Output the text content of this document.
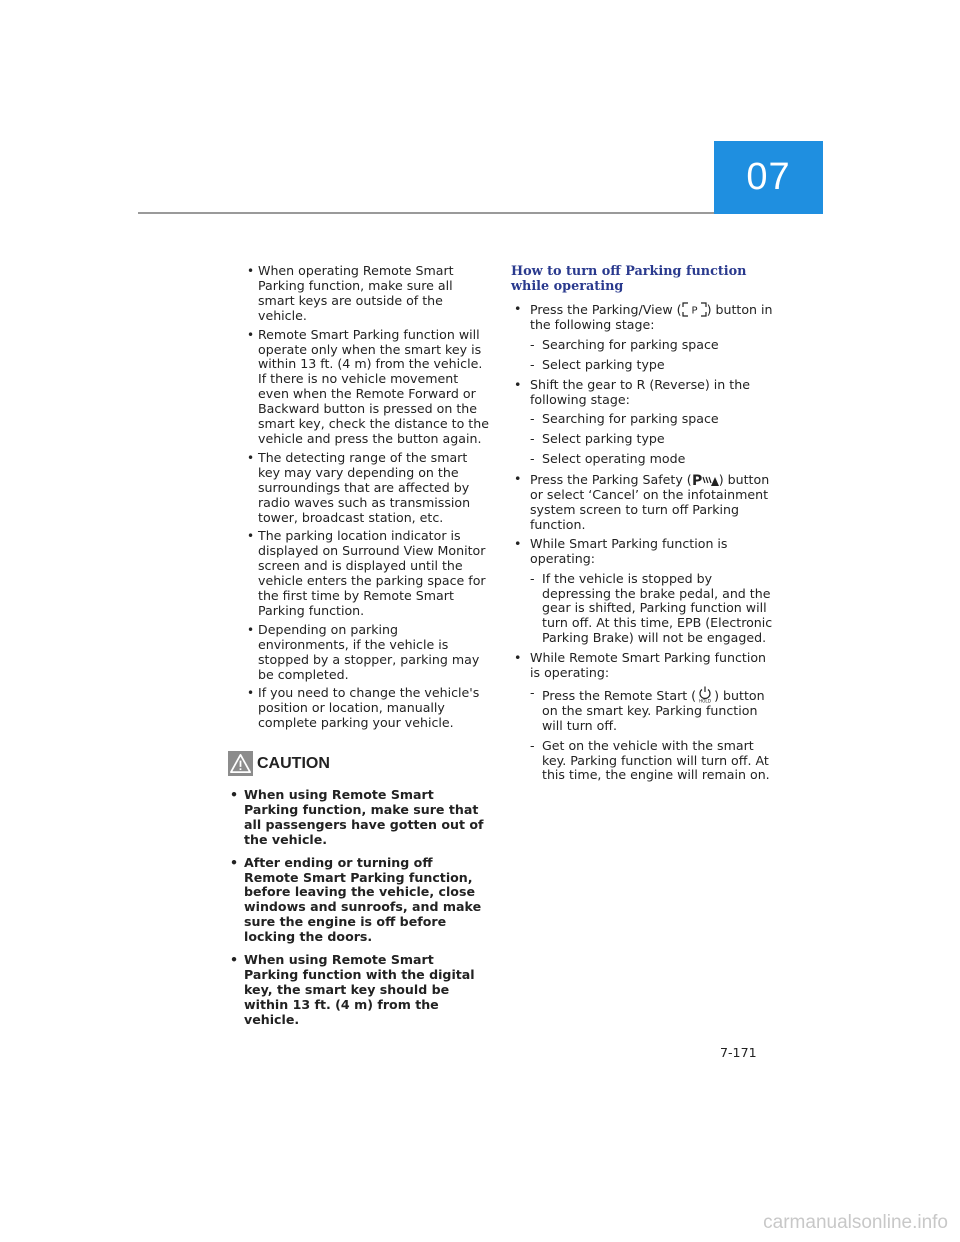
07
• When operating Remote Smart Parking function, make sure all smart keys are outside of the vehicle.
• Remote Smart Parking function will operate only when the smart key is within 13 ft. (4 m) from the vehicle. If there is no vehicle movement even when the Remote Forward or Backward button is pressed on the smart key, check the distance to the vehicle and press the button again.
• The detecting range of the smart key may vary depending on the surroundings that are affected by radio waves such as transmission tower, broadcast station, etc.
• The parking location indicator is displayed on Surround View Monitor screen and is displayed until the vehicle enters the parking space for the first time by Remote Smart Parking function.
• Depending on parking environments, if the vehicle is stopped by a stopper, parking may be completed.
• If you need to change the vehicle's position or location, manually complete parking your vehicle.
CAUTION
• When using Remote Smart Parking function, make sure that all passengers have gotten out of the vehicle.
• After ending or turning off Remote Smart Parking function, before leaving the vehicle, close windows and sunroofs, and make sure the engine is off before locking the doors.
• When using Remote Smart Parking function with the digital key, the smart key should be within 13 ft. (4 m) from the vehicle.
How to turn off Parking function while operating
• Press the Parking/View ( P ) button in the following stage:
- Searching for parking space
- Select parking type
• Shift the gear to R (Reverse) in the following stage:
- Searching for parking space
- Select parking type
- Select operating mode
• Press the Parking Safety ( P ) button or select ‘Cancel’ on the infotainment system screen to turn off Parking function.
• While Smart Parking function is operating:
- If the vehicle is stopped by depressing the brake pedal, and the gear is shifted, Parking function will turn off. At this time, EPB (Electronic Parking Brake) will not be engaged.
• While Remote Smart Parking function is operating:
- Press the Remote Start ( HOLD ) button on the smart key. Parking function will turn off.
- Get on the vehicle with the smart key. Parking function will turn off. At this time, the engine will remain on.
7-171
carmanualsonline.info
